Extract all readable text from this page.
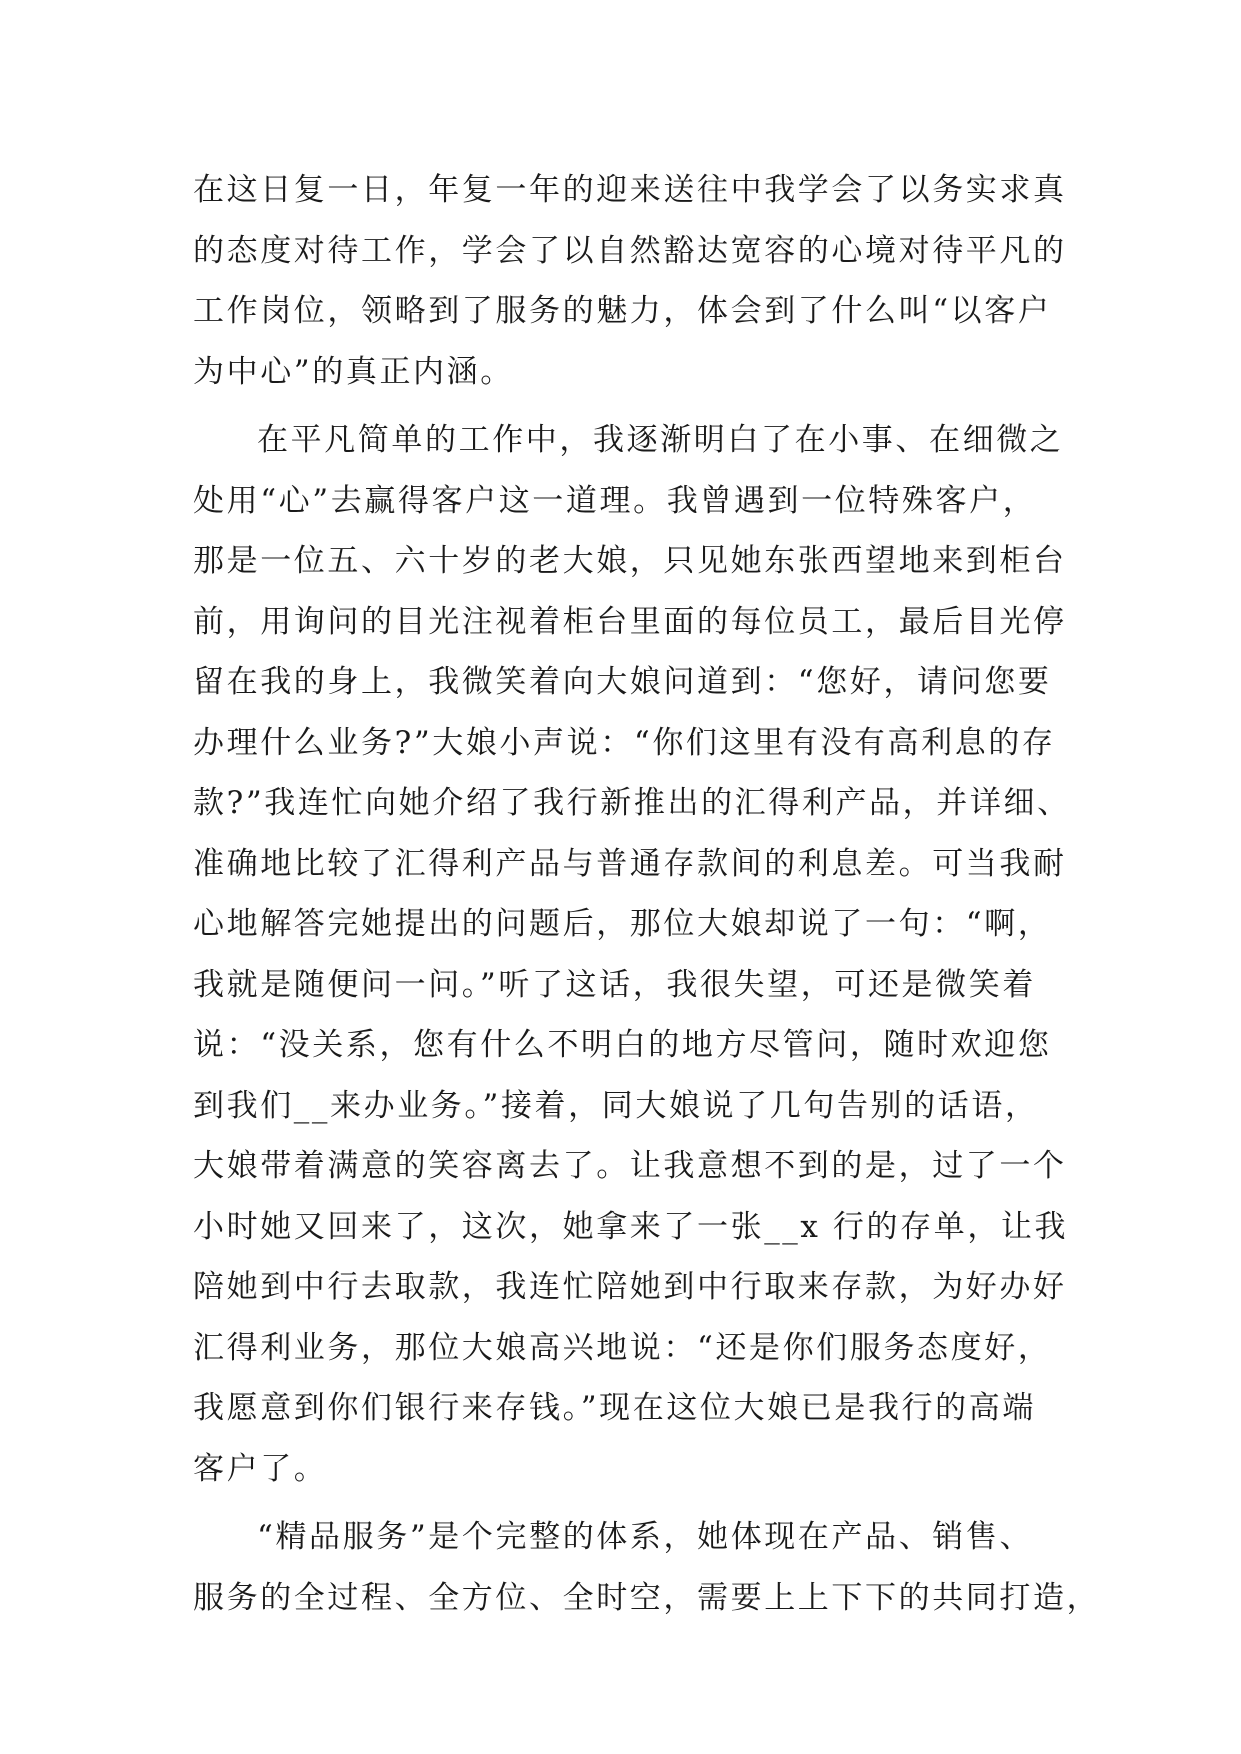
在这日复一日，年复一年的迎来送往中我学会了以务实求真
的态度对待工作，学会了以自然豁达宽容的心境对待平凡的
工作岗位，领略到了服务的魅力，体会到了什么叫“以客户
为中心”的真正内涵。
在平凡简单的工作中，我逐渐明白了在小事、在细微之
处用“心”去赢得客户这一道理。我曾遇到一位特殊客户，
那是一位五、六十岁的老大娘，只见她东张西望地来到柜台
前，用询问的目光注视着柜台里面的每位员工，最后目光停
留在我的身上，我微笑着向大娘问道到：“您好，请问您要
办理什么业务?”大娘小声说：“你们这里有没有高利息的存
款?”我连忙向她介绍了我行新推出的汇得利产品，并详细、
准确地比较了汇得利产品与普通存款间的利息差。可当我耐
心地解答完她提出的问题后，那位大娘却说了一句：“啊，
我就是随便问一问。”听了这话，我很失望，可还是微笑着
说：“没关系，您有什么不明白的地方尽管问，随时欢迎您
到我们__来办业务。”接着，同大娘说了几句告别的话语，
大娘带着满意的笑容离去了。让我意想不到的是，过了一个
小时她又回来了，这次，她拿来了一张__x 行的存单，让我
陪她到中行去取款，我连忙陪她到中行取来存款，为好办好
汇得利业务，那位大娘高兴地说：“还是你们服务态度好，
我愿意到你们银行来存钱。”现在这位大娘已是我行的高端
客户了。
“精品服务”是个完整的体系，她体现在产品、销售、
服务的全过程、全方位、全时空，需要上上下下的共同打造，
